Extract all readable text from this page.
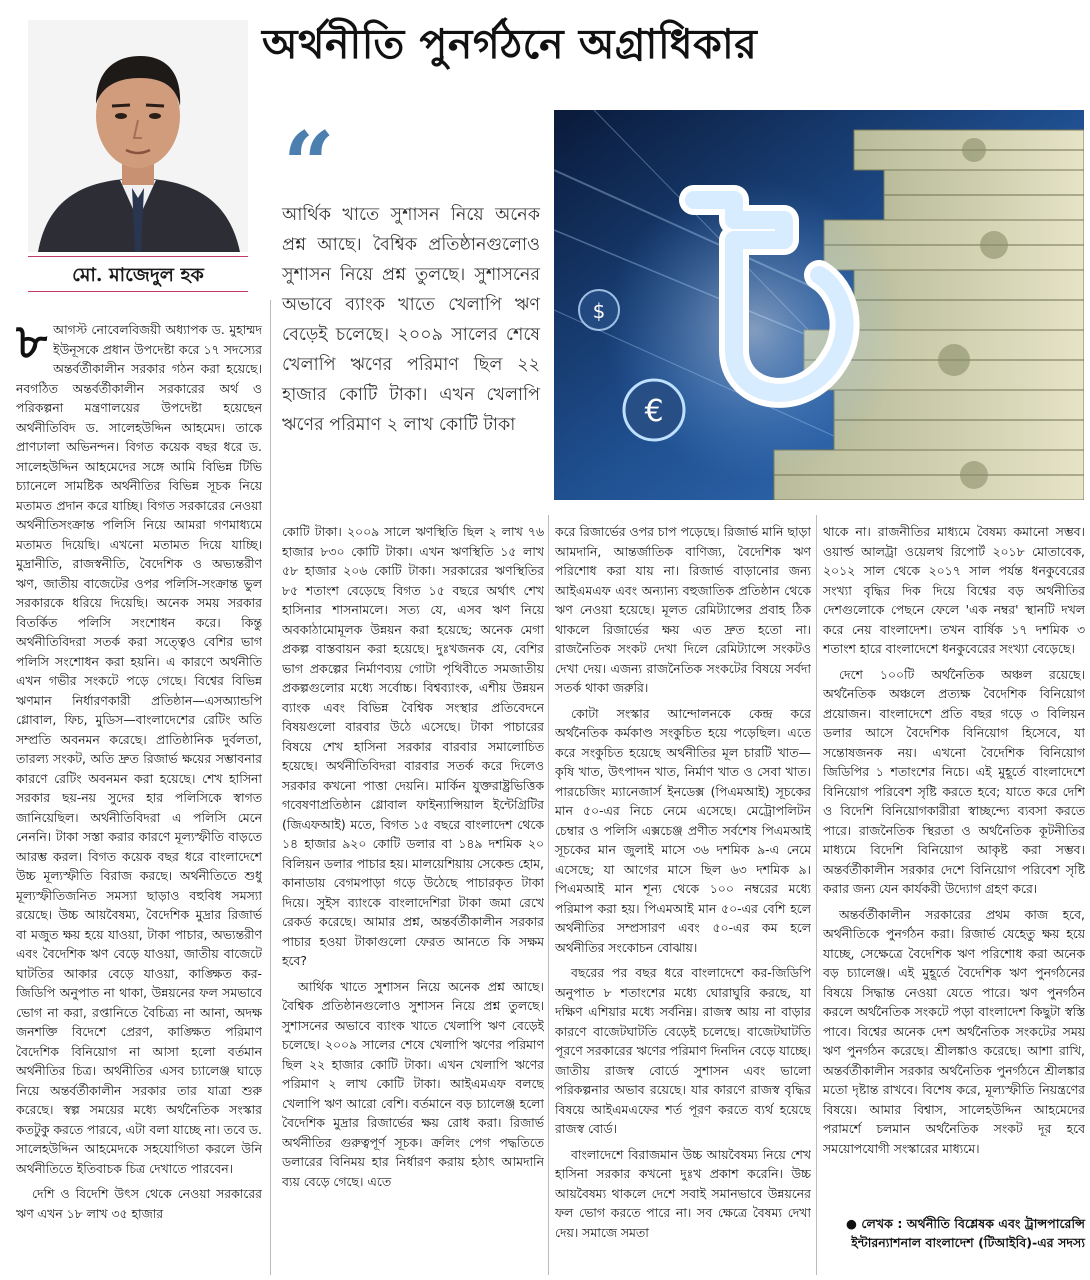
অর্থনীতি পুনর্গঠনে অগ্রাধিকার
মো. মাজেদুল হক
“
আর্থিক খাতে সুশাসন নিয়ে অনেক প্রশ্ন আছে। বৈশ্বিক প্রতিষ্ঠানগুলোও সুশাসন নিয়ে প্রশ্ন তুলছে। সুশাসনের অভাবে ব্যাংক খাতে খেলাপি ঋণ বেড়েই চলেছে। ২০০৯ সালের শেষে খেলাপি ঋণের পরিমাণ ছিল ২২ হাজার কোটি টাকা। এখন খেলাপি ঋণের পরিমাণ ২ লাখ কোটি টাকা	€
$

৮ আগস্ট নোবেলবিজয়ী অধ্যাপক ড. মুহাম্মদ ইউনূসকে প্রধান উপদেষ্টা করে ১৭ সদস্যের অন্তর্বর্তীকালীন সরকার গঠন করা হয়েছে। নবগঠিত অন্তর্বর্তীকালীন সরকারের অর্থ ও পরিকল্পনা মন্ত্রণালয়ের উপদেষ্টা হয়েছেন অর্থনীতিবিদ ড. সালেহউদ্দিন আহমেদ। তাকে প্রাণঢালা অভিনন্দন। বিগত কয়েক বছর ধরে ড. সালেহউদ্দিন আহমেদের সঙ্গে আমি বিভিন্ন টিভি চ্যানেলে সামষ্টিক অর্থনীতির বিভিন্ন সূচক নিয়ে মতামত প্রদান করে যাচ্ছি। বিগত সরকারের নেওয়া অর্থনীতিসংক্রান্ত পলিসি নিয়ে আমরা গণমাধ্যমে মতামত দিয়েছি। এখনো মতামত দিয়ে যাচ্ছি। মুদ্রানীতি, রাজস্বনীতি, বৈদেশিক ও অভ্যন্তরীণ ঋণ, জাতীয় বাজেটের ওপর পলিসি-সংক্রান্ত ভুল সরকারকে ধরিয়ে দিয়েছি। অনেক সময় সরকার বিতর্কিত পলিসি সংশোধন করে। কিন্তু অর্থনীতিবিদরা সতর্ক করা সত্ত্বেও বেশির ভাগ পলিসি সংশোধন করা হয়নি। এ কারণে অর্থনীতি এখন গভীর সংকটে পড়ে গেছে। বিশ্বের বিভিন্ন ঋণমান নির্ধারণকারী প্রতিষ্ঠান—এসঅ্যান্ডপি গ্লোবাল, ফিচ, মুডিস—বাংলাদেশের রেটিং অতি সম্প্রতি অবনমন করেছে। প্রাতিষ্ঠানিক দুর্বলতা, তারল্য সংকট, অতি দ্রুত রিজার্ভ ক্ষয়ের সম্ভাবনার কারণে রেটিং অবনমন করা হয়েছে। শেখ হাসিনা সরকার ছয়-নয় সুদের হার পলিসিকে স্বাগত জানিয়েছিল। অর্থনীতিবিদরা এ পলিসি মেনে নেননি। টাকা সস্তা করার কারণে মূল্যস্ফীতি বাড়তে আরম্ভ করল। বিগত কয়েক বছর ধরে বাংলাদেশে উচ্চ মূল্যস্ফীতি বিরাজ করছে। অর্থনীতিতে শুধু মূল্যস্ফীতিজনিত সমস্যা ছাড়াও বহুবিধ সমস্যা রয়েছে। উচ্চ আয়বৈষম্য, বৈদেশিক মুদ্রার রিজার্ভ বা মজুত ক্ষয় হয়ে যাওয়া, টাকা পাচার, অভ্যন্তরীণ এবং বৈদেশিক ঋণ বেড়ে যাওয়া, জাতীয় বাজেটে ঘাটতির আকার বেড়ে যাওয়া, কাঙ্ক্ষিত কর-জিডিপি অনুপাত না থাকা, উন্নয়নের ফল সমভাবে ভোগ না করা, রপ্তানিতে বৈচিত্র্য না আনা, অদক্ষ জনশক্তি বিদেশে প্রেরণ, কাঙ্ক্ষিত পরিমাণ বৈদেশিক বিনিয়োগ না আসা হলো বর্তমান অর্থনীতির চিত্র। অর্থনীতির এসব চ্যালেঞ্জ ঘাড়ে নিয়ে অন্তর্বর্তীকালীন সরকার তার যাত্রা শুরু করেছে। স্বল্প সময়ের মধ্যে অর্থনৈতিক সংস্কার কতটুকু করতে পারবে, এটা বলা যাচ্ছে না। তবে ড. সালেহউদ্দিন আহমেদকে সহযোগিতা করলে উনি অর্থনীতিতে ইতিবাচক চিত্র দেখাতে পারবেন।

দেশি ও বিদেশি উৎস থেকে নেওয়া সরকারের ঋণ এখন ১৮ লাখ ৩৫ হাজার

কোটি টাকা। ২০০৯ সালে ঋণস্থিতি ছিল ২ লাখ ৭৬ হাজার ৮৩০ কোটি টাকা। এখন ঋণস্থিতি ১৫ লাখ ৫৮ হাজার ২০৬ কোটি টাকা। সরকারের ঋণস্থিতির ৮৫ শতাংশ বেড়েছে বিগত ১৫ বছরে অর্থাৎ শেখ হাসিনার শাসনামলে। সত্য যে, এসব ঋণ নিয়ে অবকাঠামোমূলক উন্নয়ন করা হয়েছে; অনেক মেগা প্রকল্প বাস্তবায়ন করা হয়েছে। দুঃখজনক যে, বেশির ভাগ প্রকল্পের নির্মাণব্যয় গোটা পৃথিবীতে সমজাতীয় প্রকল্পগুলোর মধ্যে সর্বোচ্চ। বিশ্বব্যাংক, এশীয় উন্নয়ন ব্যাংক এবং বিভিন্ন বৈশ্বিক সংস্থার প্রতিবেদনে বিষয়গুলো বারবার উঠে এসেছে। টাকা পাচারের বিষয়ে শেখ হাসিনা সরকার বারবার সমালোচিত হয়েছে। অর্থনীতিবিদরা বারবার সতর্ক করে দিলেও সরকার কখনো পাত্তা দেয়নি। মার্কিন যুক্তরাষ্ট্রভিত্তিক গবেষণাপ্রতিষ্ঠান গ্লোবাল ফাইন্যান্সিয়াল ইন্টেগ্রিটির (জিএফআই) মতে, বিগত ১৫ বছরে বাংলাদেশ থেকে ১৪ হাজার ৯২০ কোটি ডলার বা ১৪৯ দশমিক ২০ বিলিয়ন ডলার পাচার হয়। মালয়েশিয়ায় সেকেন্ড হোম, কানাডায় বেগমপাড়া গড়ে উঠেছে পাচারকৃত টাকা দিয়ে। সুইস ব্যাংকে বাংলাদেশিরা টাকা জমা রেখে রেকর্ড করেছে। আমার প্রশ্ন, অন্তর্বর্তীকালীন সরকার পাচার হওয়া টাকাগুলো ফেরত আনতে কি সক্ষম হবে?

আর্থিক খাতে সুশাসন নিয়ে অনেক প্রশ্ন আছে। বৈশ্বিক প্রতিষ্ঠানগুলোও সুশাসন নিয়ে প্রশ্ন তুলছে। সুশাসনের অভাবে ব্যাংক খাতে খেলাপি ঋণ বেড়েই চলেছে। ২০০৯ সালের শেষে খেলাপি ঋণের পরিমাণ ছিল ২২ হাজার কোটি টাকা। এখন খেলাপি ঋণের পরিমাণ ২ লাখ কোটি টাকা। আইএমএফ বলছে খেলাপি ঋণ আরো বেশি। বর্তমানে বড় চ্যালেঞ্জ হলো বৈদেশিক মুদ্রার রিজার্ভের ক্ষয় রোধ করা। রিজার্ভ অর্থনীতির গুরুত্বপূর্ণ সূচক। ক্রলিং পেগ পদ্ধতিতে ডলারের বিনিময় হার নির্ধারণ করায় হঠাৎ আমদানি ব্যয় বেড়ে গেছে। এতে

করে রিজার্ভের ওপর চাপ পড়েছে। রিজার্ভ মানি ছাড়া আমদানি, আন্তর্জাতিক বাণিজ্য, বৈদেশিক ঋণ পরিশোধ করা যায় না। রিজার্ভ বাড়ানোর জন্য আইএমএফ এবং অন্যান্য বহুজাতিক প্রতিষ্ঠান থেকে ঋণ নেওয়া হয়েছে। মূলত রেমিট্যান্সের প্রবাহ ঠিক থাকলে রিজার্ভের ক্ষয় এত দ্রুত হতো না। রাজনৈতিক সংকট দেখা দিলে রেমিট্যান্সে সংকটও দেখা দেয়। এজন্য রাজনৈতিক সংকটের বিষয়ে সর্বদা সতর্ক থাকা জরুরি।

কোটা সংস্কার আন্দোলনকে কেন্দ্র করে অর্থনৈতিক কর্মকাণ্ড সংকুচিত হয়ে পড়েছিল। এতে করে সংকুচিত হয়েছে অর্থনীতির মূল চারটি খাত—কৃষি খাত, উৎপাদন খাত, নির্মাণ খাত ও সেবা খাত। পারচেজিং ম্যানেজার্স ইনডেক্স (পিএমআই) সূচকের মান ৫০-এর নিচে নেমে এসেছে। মেট্রোপলিটন চেম্বার ও পলিসি এক্সচেঞ্জ প্রণীত সর্বশেষ পিএমআই সূচকের মান জুলাই মাসে ৩৬ দশমিক ৯-এ নেমে এসেছে; যা আগের মাসে ছিল ৬৩ দশমিক ৯। পিএমআই মান শূন্য থেকে ১০০ নম্বরের মধ্যে পরিমাপ করা হয়। পিএমআই মান ৫০-এর বেশি হলে অর্থনীতির সম্প্রসারণ এবং ৫০-এর কম হলে অর্থনীতির সংকোচন বোঝায়।

বছরের পর বছর ধরে বাংলাদেশে কর-জিডিপি অনুপাত ৮ শতাংশের মধ্যে ঘোরাঘুরি করছে, যা দক্ষিণ এশিয়ার মধ্যে সর্বনিম্ন। রাজস্ব আয় না বাড়ার কারণে বাজেটঘাটতি বেড়েই চলেছে। বাজেটঘাটতি পূরণে সরকারের ঋণের পরিমাণ দিনদিন বেড়ে যাচ্ছে। জাতীয় রাজস্ব বোর্ডে সুশাসন এবং ভালো পরিকল্পনার অভাব রয়েছে। যার কারণে রাজস্ব বৃদ্ধির বিষয়ে আইএমএফের শর্ত পূরণ করতে ব্যর্থ হয়েছে রাজস্ব বোর্ড।

বাংলাদেশে বিরাজমান উচ্চ আয়বৈষম্য নিয়ে শেখ হাসিনা সরকার কখনো দুঃখ প্রকাশ করেনি। উচ্চ আয়বৈষম্য থাকলে দেশে সবাই সমানভাবে উন্নয়নের ফল ভোগ করতে পারে না। সব ক্ষেত্রে বৈষম্য দেখা দেয়। সমাজে সমতা

থাকে না। রাজনীতির মাধ্যমে বৈষম্য কমানো সম্ভব। ওয়ার্ল্ড আলট্রা ওয়েলথ রিপোর্ট ২০১৮ মোতাবেক, ২০১২ সাল থেকে ২০১৭ সাল পর্যন্ত ধনকুবেরের সংখ্যা বৃদ্ধির দিক দিয়ে বিশ্বের বড় অর্থনীতির দেশগুলোকে পেছনে ফেলে 'এক নম্বর' স্থানটি দখল করে নেয় বাংলাদেশ। তখন বার্ষিক ১৭ দশমিক ৩ শতাংশ হারে বাংলাদেশে ধনকুবেরের সংখ্যা বেড়েছে।

দেশে ১০০টি অর্থনৈতিক অঞ্চল রয়েছে। অর্থনৈতিক অঞ্চলে প্রত্যক্ষ বৈদেশিক বিনিয়োগ প্রয়োজন। বাংলাদেশে প্রতি বছর গড়ে ৩ বিলিয়ন ডলার আসে বৈদেশিক বিনিয়োগ হিসেবে, যা সন্তোষজনক নয়। এখনো বৈদেশিক বিনিয়োগ জিডিপির ১ শতাংশের নিচে। এই মুহূর্তে বাংলাদেশে বিনিয়োগ পরিবেশ সৃষ্টি করতে হবে; যাতে করে দেশি ও বিদেশি বিনিয়োগকারীরা স্বাচ্ছন্দ্যে ব্যবসা করতে পারে। রাজনৈতিক স্থিরতা ও অর্থনৈতিক কূটনীতির মাধ্যমে বিদেশি বিনিয়োগ আকৃষ্ট করা সম্ভব। অন্তর্বর্তীকালীন সরকার দেশে বিনিয়োগ পরিবেশ সৃষ্টি করার জন্য যেন কার্যকরী উদ্যোগ গ্রহণ করে।

অন্তর্বর্তীকালীন সরকারের প্রথম কাজ হবে, অর্থনীতিকে পুনর্গঠন করা। রিজার্ভ যেহেতু ক্ষয় হয়ে যাচ্ছে, সেক্ষেত্রে বৈদেশিক ঋণ পরিশোধ করা অনেক বড় চ্যালেঞ্জ। এই মুহূর্তে বৈদেশিক ঋণ পুনর্গঠনের বিষয়ে সিদ্ধান্ত নেওয়া যেতে পারে। ঋণ পুনর্গঠন করলে অর্থনৈতিক সংকটে পড়া বাংলাদেশ কিছুটা স্বস্তি পাবে। বিশ্বের অনেক দেশ অর্থনৈতিক সংকটের সময় ঋণ পুনর্গঠন করেছে। শ্রীলঙ্কাও করেছে। আশা রাখি, অন্তর্বর্তীকালীন সরকার অর্থনৈতিক পুনর্গঠনে শ্রীলঙ্কার মতো দৃষ্টান্ত রাখবে। বিশেষ করে, মূল্যস্ফীতি নিয়ন্ত্রণের বিষয়ে। আমার বিশ্বাস, সালেহউদ্দিন আহমেদের পরামর্শে চলমান অর্থনৈতিক সংকট দূর হবে সময়োপযোগী সংস্কারের মাধ্যমে।

● লেখক : অর্থনীতি বিশ্লেষক এবং ট্রান্সপারেন্সি ইন্টারন্যাশনাল বাংলাদেশ (টিআইবি)-এর সদস্য
